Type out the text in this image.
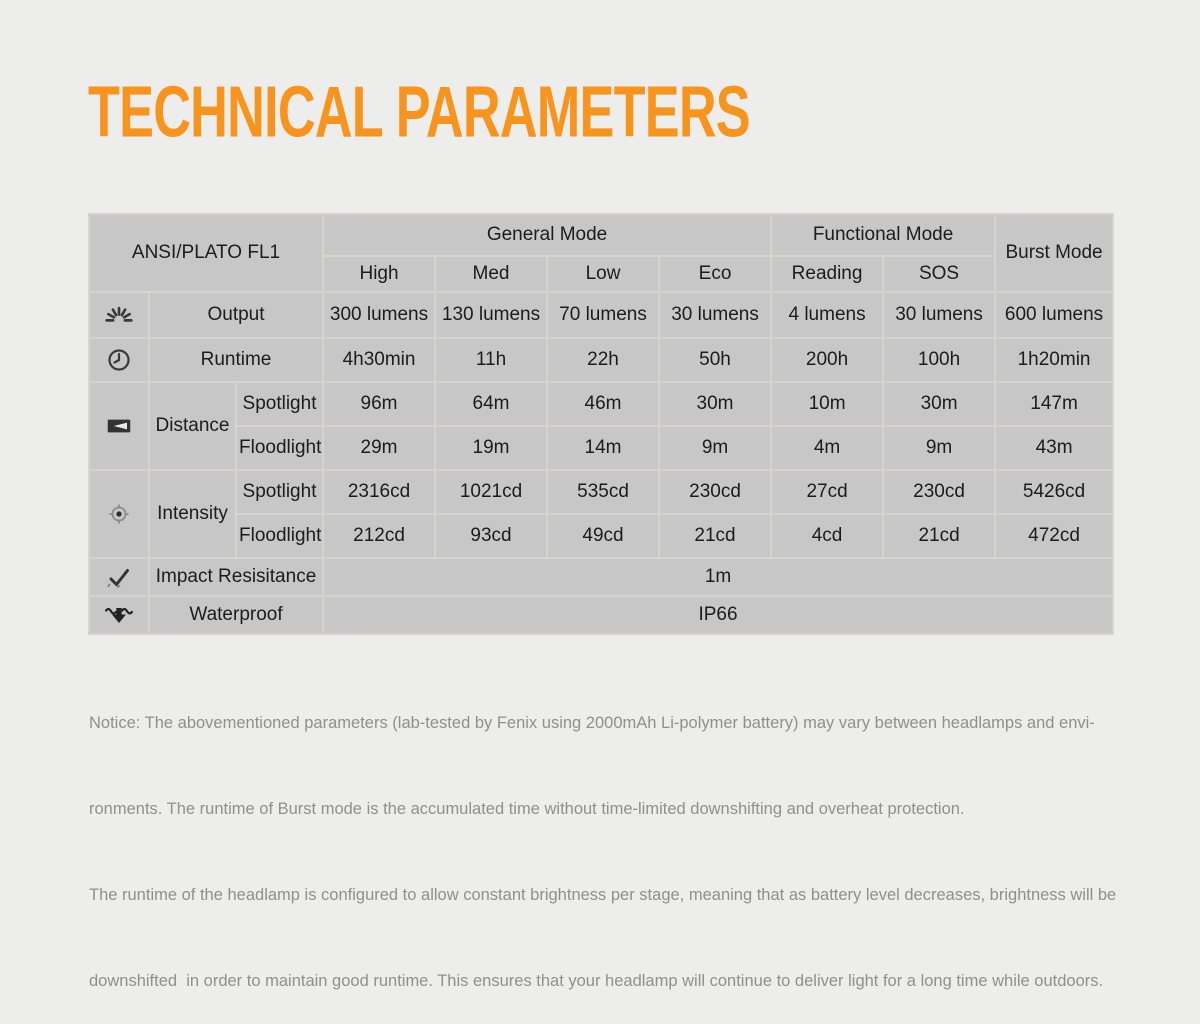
TECHNICAL PARAMETERS
ANSI/PLATO FL1			General Mode				Functional Mode		Burst Mode
			High	Med	Low	Eco	Reading	SOS	
	Output		300 lumens	130 lumens	70 lumens	30 lumens	4 lumens	30 lumens	600 lumens
	Runtime		4h30min	11h	22h	50h	200h	100h	1h20min
	Distance	Spotlight	96m	64m	46m	30m	10m	30m	147m
		Floodlight	29m	19m	14m	9m	4m	9m	43m
	Intensity	Spotlight	2316cd	1021cd	535cd	230cd	27cd	230cd	5426cd
		Floodlight	212cd	93cd	49cd	21cd	4cd	21cd	472cd
	Impact Resisitance		1m						
	Waterproof		IP66						

Notice: The abovementioned parameters (lab-tested by Fenix using 2000mAh Li-polymer battery) may vary between headlamps and envi-

ronments. The runtime of Burst mode is the accumulated time without time-limited downshifting and overheat protection.

The runtime of the headlamp is configured to allow constant brightness per stage, meaning that as battery level decreases, brightness will be

downshifted  in order to maintain good runtime. This ensures that your headlamp will continue to deliver light for a long time while outdoors.
